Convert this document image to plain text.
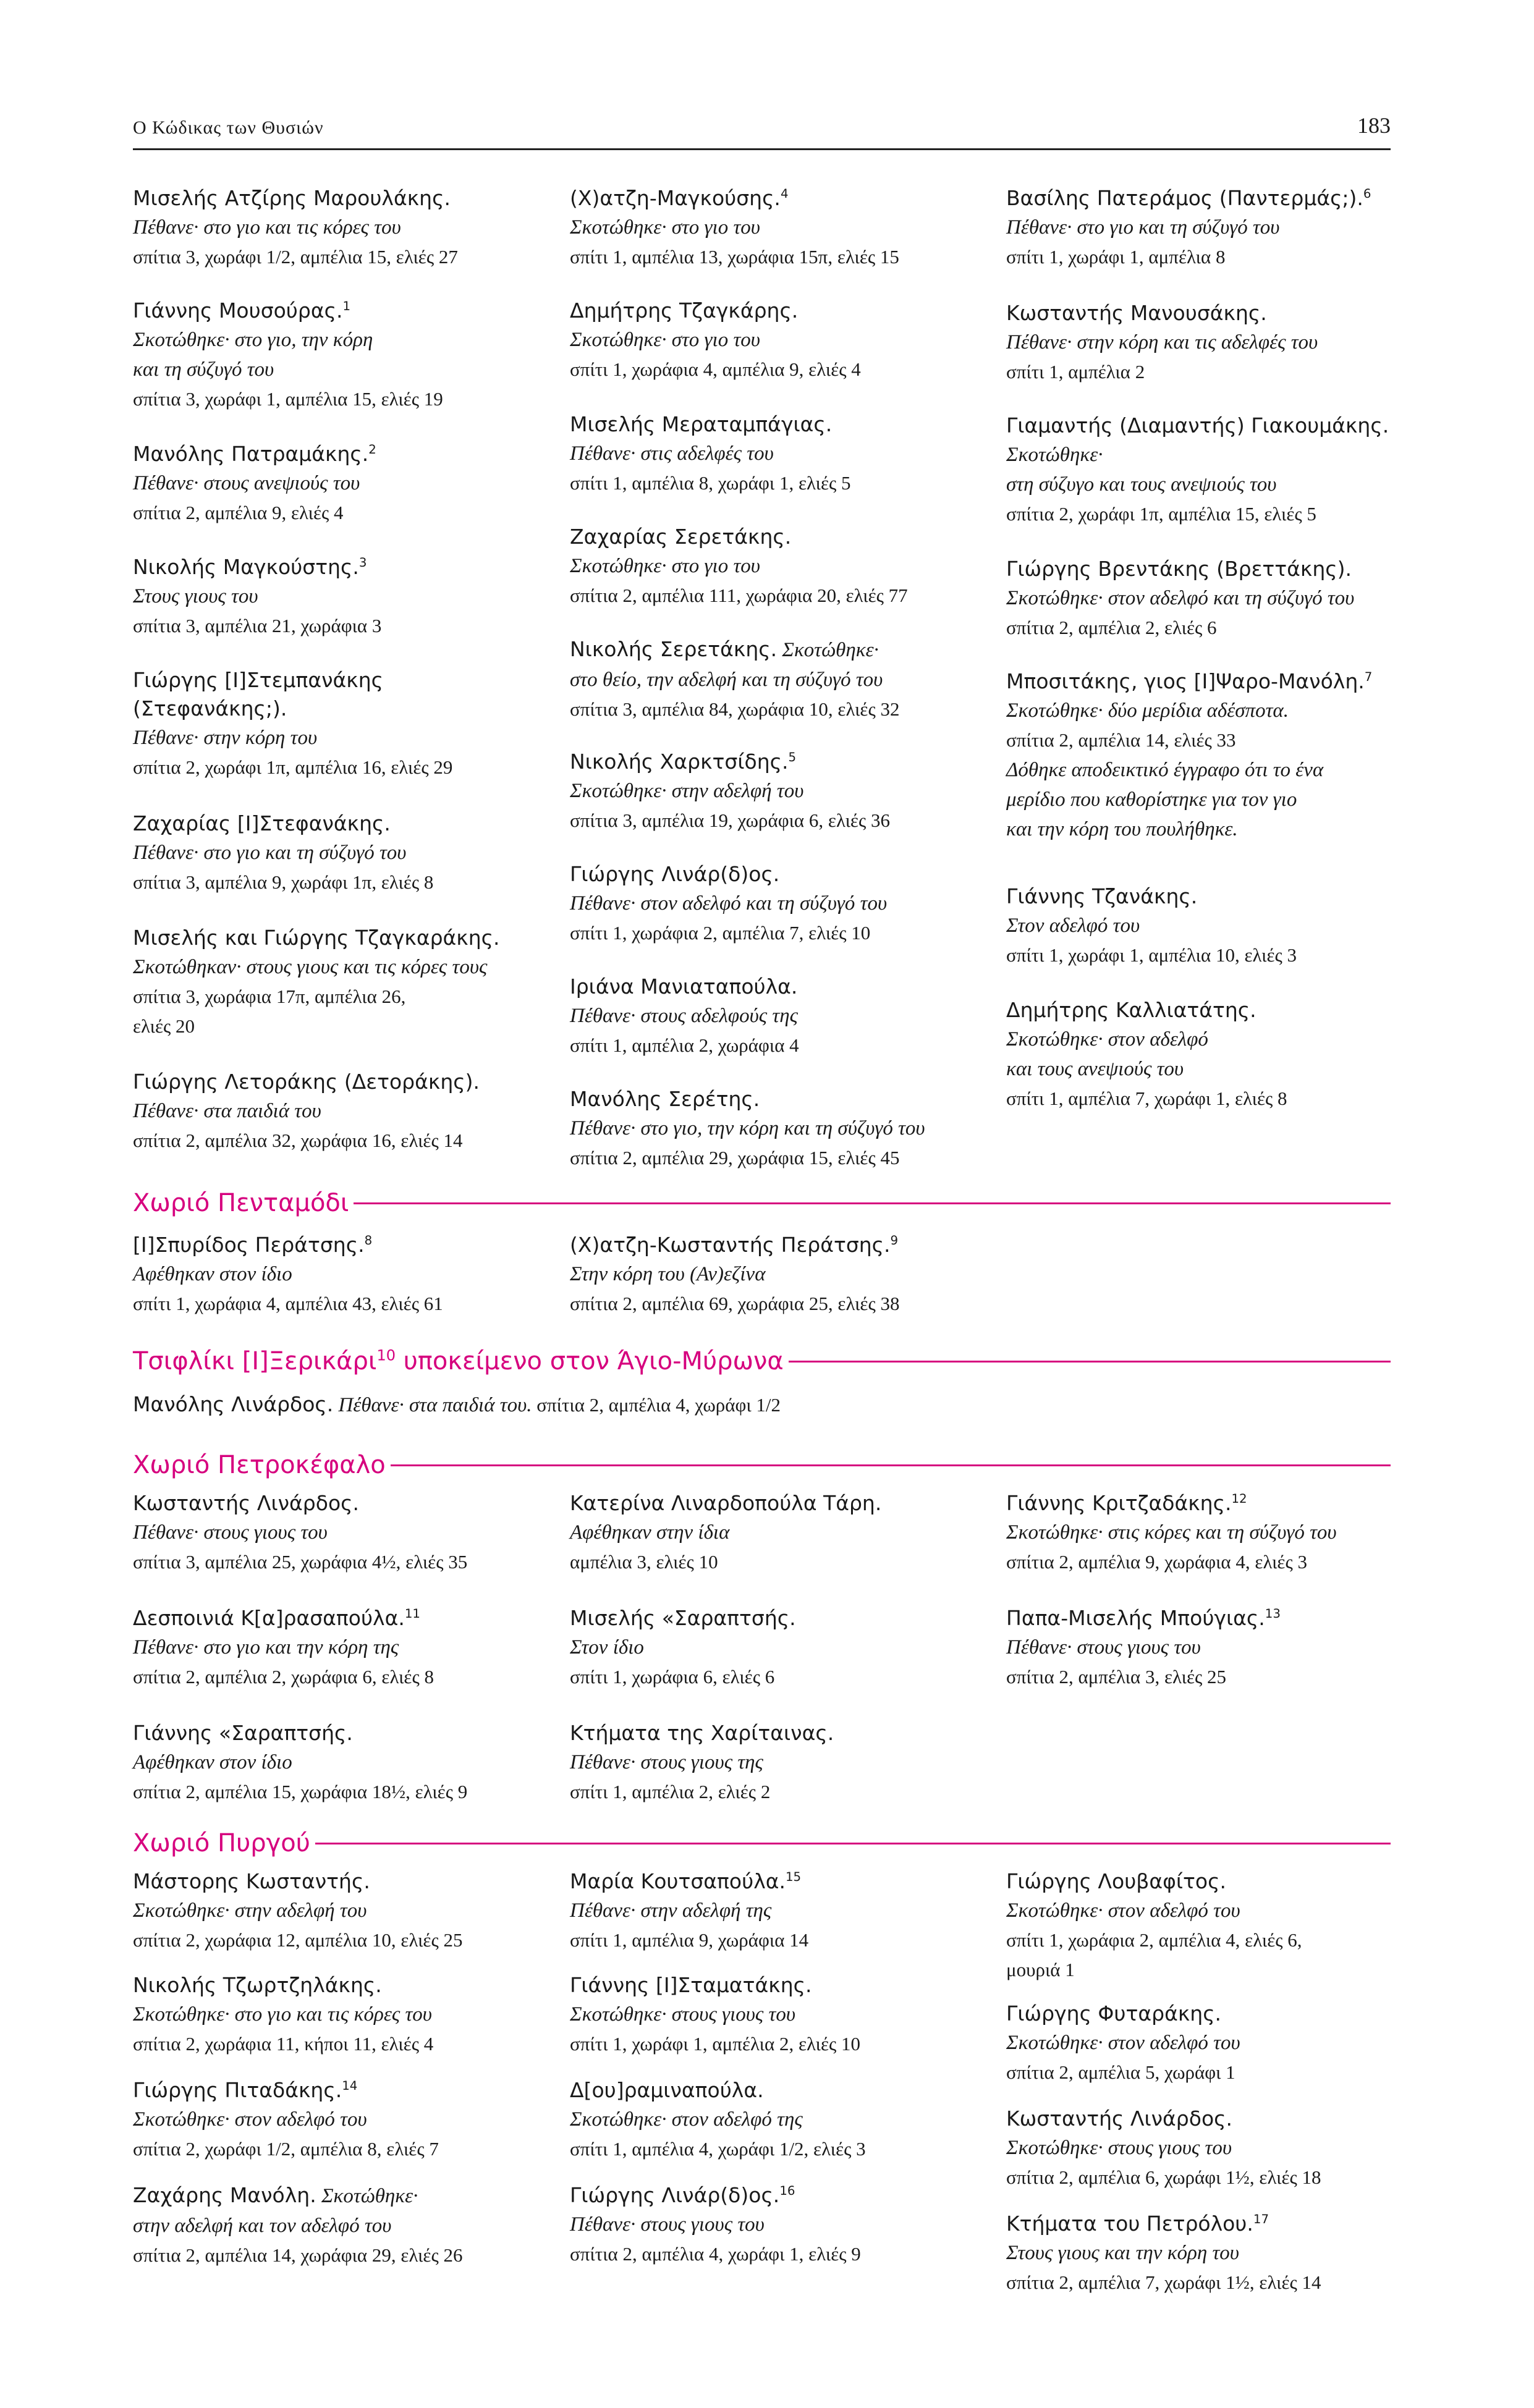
Ο Κώδικας των Θυσιών	183
Μισελής Ατζίρης Μαρουλάκης.
Πέθανε· στο γιο και τις κόρες του
σπίτια 3, χωράφι 1/2, αμπέλια 15, ελιές 27
Γιάννης Μουσούρας.$^1$
Σκοτώθηκε· στο γιο, την κόρη
και τη σύζυγό του
σπίτια 3, χωράφι 1, αμπέλια 15, ελιές 19
Μανόλης Πατραμάκης.$^2$
Πέθανε· στους ανεψιούς του
σπίτια 2, αμπέλια 9, ελιές 4
Νικολής Μαγκούστης.$^3$
Στους γιους του
σπίτια 3, αμπέλια 21, χωράφια 3
Γιώργης [Ι]Στεμπανάκης
(Στεφανάκης;).
Πέθανε· στην κόρη του
σπίτια 2, χωράφι 1π, αμπέλια 16, ελιές 29
Ζαχαρίας [Ι]Στεφανάκης.
Πέθανε· στο γιο και τη σύζυγό του
σπίτια 3, αμπέλια 9, χωράφι 1π, ελιές 8
Μισελής και Γιώργης Τζαγκαράκης.
Σκοτώθηκαν· στους γιους και τις κόρες τους
σπίτια 3, χωράφια 17π, αμπέλια 26,
ελιές 20
Γιώργης Λετοράκης (Δετοράκης).
Πέθανε· στα παιδιά του
σπίτια 2, αμπέλια 32, χωράφια 16, ελιές 14
(Χ)ατζη-Μαγκούσης.$^4$
Σκοτώθηκε· στο γιο του
σπίτι 1, αμπέλια 13, χωράφια 15π, ελιές 15
Δημήτρης Τζαγκάρης.
Σκοτώθηκε· στο γιο του
σπίτι 1, χωράφια 4, αμπέλια 9, ελιές 4
Μισελής Μεραταμπάγιας.
Πέθανε· στις αδελφές του
σπίτι 1, αμπέλια 8, χωράφι 1, ελιές 5
Ζαχαρίας Σερετάκης.
Σκοτώθηκε· στο γιο του
σπίτια 2, αμπέλια 111, χωράφια 20, ελιές 77
Νικολής Σερετάκης. Σκοτώθηκε·
στο θείο, την αδελφή και τη σύζυγό του
σπίτια 3, αμπέλια 84, χωράφια 10, ελιές 32
Νικολής Χαρκτσίδης.$^5$
Σκοτώθηκε· στην αδελφή του
σπίτια 3, αμπέλια 19, χωράφια 6, ελιές 36
Γιώργης Λινάρ(δ)ος.
Πέθανε· στον αδελφό και τη σύζυγό του
σπίτι 1, χωράφια 2, αμπέλια 7, ελιές 10
Ιριάνα Μανιαταπούλα.
Πέθανε· στους αδελφούς της
σπίτι 1, αμπέλια 2, χωράφια 4
Μανόλης Σερέτης.
Πέθανε· στο γιο, την κόρη και τη σύζυγό του
σπίτια 2, αμπέλια 29, χωράφια 15, ελιές 45
Βασίλης Πατεράμος (Παντερμάς;).$^6$
Πέθανε· στο γιο και τη σύζυγό του
σπίτι 1, χωράφι 1, αμπέλια 8
Κωσταντής Μανουσάκης.
Πέθανε· στην κόρη και τις αδελφές του
σπίτι 1, αμπέλια 2
Γιαμαντής (Διαμαντής) Γιακουμάκης.
Σκοτώθηκε·
στη σύζυγο και τους ανεψιούς του
σπίτια 2, χωράφι 1π, αμπέλια 15, ελιές 5
Γιώργης Βρεντάκης (Βρεττάκης).
Σκοτώθηκε· στον αδελφό και τη σύζυγό του
σπίτια 2, αμπέλια 2, ελιές 6
Μποσιτάκης, γιος [Ι]Ψαρο-Μανόλη.$^7$
Σκοτώθηκε· δύο μερίδια αδέσποτα.
σπίτια 2, αμπέλια 14, ελιές 33
Δόθηκε αποδεικτικό έγγραφο ότι το ένα
μερίδιο που καθορίστηκε για τον γιο
και την κόρη του πουλήθηκε.
Γιάννης Τζανάκης.
Στον αδελφό του
σπίτι 1, χωράφι 1, αμπέλια 10, ελιές 3
Δημήτρης Καλλιατάτης.
Σκοτώθηκε· στον αδελφό
και τους ανεψιούς του
σπίτι 1, αμπέλια 7, χωράφι 1, ελιές 8
Χωριό Πενταμόδι
[Ι]Σπυρίδος Περάτσης.$^8$
Αφέθηκαν στον ίδιο
σπίτι 1, χωράφια 4, αμπέλια 43, ελιές 61
(Χ)ατζη-Κωσταντής Περάτσης.$^9$
Στην κόρη του (Αν)εζίνα
σπίτια 2, αμπέλια 69, χωράφια 25, ελιές 38
Τσιφλίκι [Ι]Ξερικάρι$^{10}$ υποκείμενο στον Άγιο-Μύρωνα
Μανόλης Λινάρδος. Πέθανε· στα παιδιά του. σπίτια 2, αμπέλια 4, χωράφι 1/2
Χωριό Πετροκέφαλο
Κωσταντής Λινάρδος.
Πέθανε· στους γιους του
σπίτια 3, αμπέλια 25, χωράφια 4½, ελιές 35
Δεσποινιά Κ[α]ρασαπούλα.$^{11}$
Πέθανε· στο γιο και την κόρη της
σπίτια 2, αμπέλια 2, χωράφια 6, ελιές 8
Γιάννης «Σαραπτσής.
Αφέθηκαν στον ίδιο
σπίτια 2, αμπέλια 15, χωράφια 18½, ελιές 9
Κατερίνα Λιναρδοπούλα Τάρη.
Αφέθηκαν στην ίδια
αμπέλια 3, ελιές 10
Μισελής «Σαραπτσής.
Στον ίδιο
σπίτι 1, χωράφια 6, ελιές 6
Κτήματα της Χαρίταινας.
Πέθανε· στους γιους της
σπίτι 1, αμπέλια 2, ελιές 2
Γιάννης Κριτζαδάκης.$^{12}$
Σκοτώθηκε· στις κόρες και τη σύζυγό του
σπίτια 2, αμπέλια 9, χωράφια 4, ελιές 3
Παπα-Μισελής Μπούγιας.$^{13}$
Πέθανε· στους γιους του
σπίτια 2, αμπέλια 3, ελιές 25
Χωριό Πυργού
Μάστορης Κωσταντής.
Σκοτώθηκε· στην αδελφή του
σπίτια 2, χωράφια 12, αμπέλια 10, ελιές 25
Νικολής Τζωρτζηλάκης.
Σκοτώθηκε· στο γιο και τις κόρες του
σπίτια 2, χωράφια 11, κήποι 11, ελιές 4
Γιώργης Πιταδάκης.$^{14}$
Σκοτώθηκε· στον αδελφό του
σπίτια 2, χωράφι 1/2, αμπέλια 8, ελιές 7
Ζαχάρης Μανόλη. Σκοτώθηκε·
στην αδελφή και τον αδελφό του
σπίτια 2, αμπέλια 14, χωράφια 29, ελιές 26
Μαρία Κουτσαπούλα.$^{15}$
Πέθανε· στην αδελφή της
σπίτι 1, αμπέλια 9, χωράφια 14
Γιάννης [Ι]Σταματάκης.
Σκοτώθηκε· στους γιους του
σπίτι 1, χωράφι 1, αμπέλια 2, ελιές 10
Δ[ου]ραμιναπούλα.
Σκοτώθηκε· στον αδελφό της
σπίτι 1, αμπέλια 4, χωράφι 1/2, ελιές 3
Γιώργης Λινάρ(δ)ος.$^{16}$
Πέθανε· στους γιους του
σπίτια 2, αμπέλια 4, χωράφι 1, ελιές 9
Γιώργης Λουβαφίτος.
Σκοτώθηκε· στον αδελφό του
σπίτι 1, χωράφια 2, αμπέλια 4, ελιές 6,
μουριά 1
Γιώργης Φυταράκης.
Σκοτώθηκε· στον αδελφό του
σπίτια 2, αμπέλια 5, χωράφι 1
Κωσταντής Λινάρδος.
Σκοτώθηκε· στους γιους του
σπίτια 2, αμπέλια 6, χωράφι 1½, ελιές 18
Κτήματα του Πετρόλου.$^{17}$
Στους γιους και την κόρη του
σπίτια 2, αμπέλια 7, χωράφι 1½, ελιές 14
